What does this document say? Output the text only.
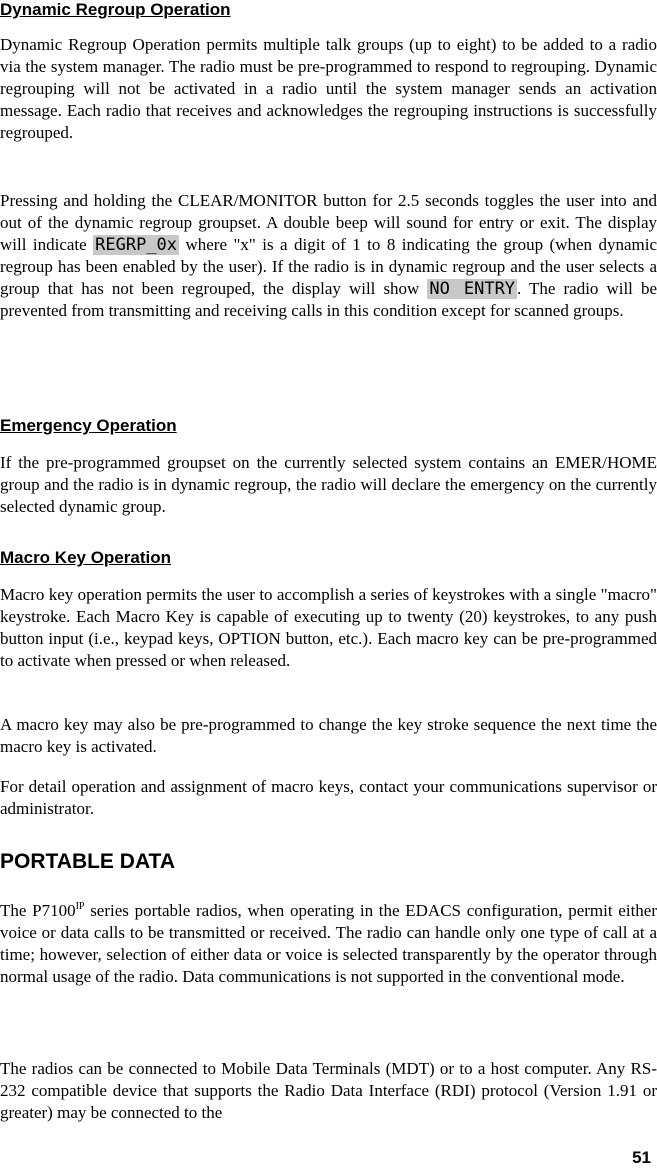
Dynamic Regroup Operation

Dynamic Regroup Operation permits multiple talk groups (up to eight) to be added to a radio via the system manager. The radio must be pre-programmed to respond to regrouping. Dynamic regrouping will not be activated in a radio until the system manager sends an activation message. Each radio that receives and acknowledges the regrouping instructions is successfully regrouped.

Pressing and holding the CLEAR/MONITOR button for 2.5 seconds toggles the user into and out of the dynamic regroup groupset. A double beep will sound for entry or exit. The display will indicate REGRP_0x where "x" is a digit of 1 to 8 indicating the group (when dynamic regroup has been enabled by the user). If the radio is in dynamic regroup and the user selects a group that has not been regrouped, the display will show NO ENTRY . The radio will be prevented from transmitting and receiving calls in this condition except for scanned groups.

Emergency Operation

If the pre-programmed groupset on the currently selected system contains an EMER/HOME group and the radio is in dynamic regroup, the radio will declare the emergency on the currently selected dynamic group.

Macro Key Operation

Macro key operation permits the user to accomplish a series of keystrokes with a single "macro" keystroke. Each Macro Key is capable of executing up to twenty (20) keystrokes, to any push button input (i.e., keypad keys, OPTION button, etc.). Each macro key can be pre-programmed to activate when pressed or when released.

A macro key may also be pre-programmed to change the key stroke sequence the next time the macro key is activated.

For detail operation and assignment of macro keys, contact your communications supervisor or administrator.

PORTABLE DATA

The $P7100^{IP}$ series portable radios, when operating in the EDACS configuration, permit either voice or data calls to be transmitted or received. The radio can handle only one type of call at a time; however, selection of either data or voice is selected transparently by the operator through normal usage of the radio. Data communications is not supported in the conventional mode.

The radios can be connected to Mobile Data Terminals (MDT) or to a host computer. Any RS-232 compatible device that supports the Radio Data Interface (RDI) protocol (Version 1.91 or greater) may be connected to the

51
